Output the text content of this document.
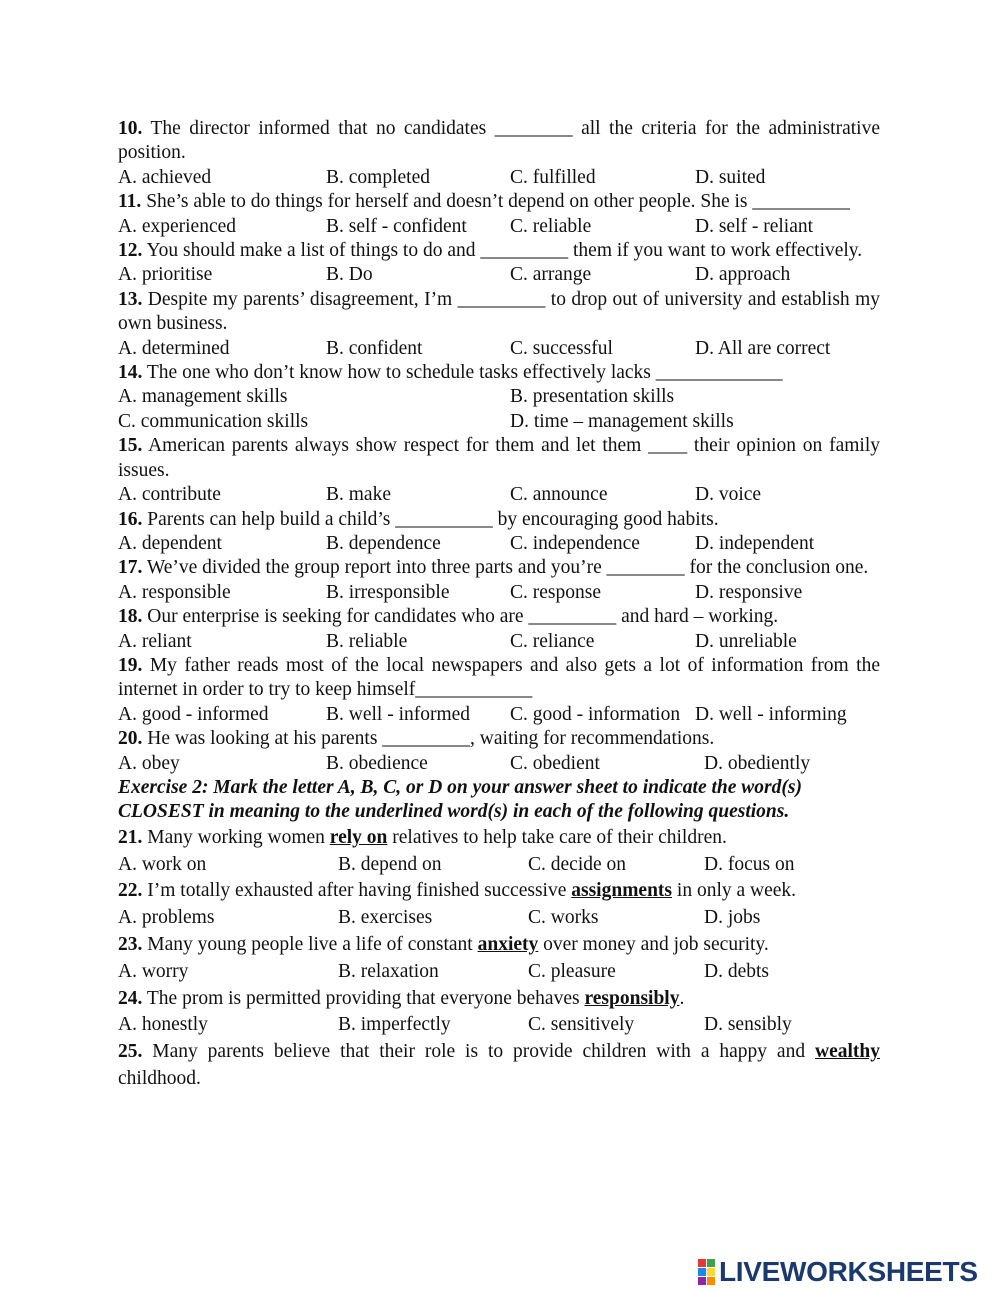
10. The director informed that no candidates ________ all the criteria for the administrative position.
A. achieved	B. completed	C. fulfilled	D. suited
11. She’s able to do things for herself and doesn’t depend on other people. She is __________
A. experienced	B. self - confident	C. reliable	D. self - reliant
12. You should make a list of things to do and _________ them if you want to work effectively.
A. prioritise	B. Do	C. arrange	D. approach
13. Despite my parents’ disagreement, I’m _________ to drop out of university and establish my own business.
A. determined	B. confident	C. successful	D. All are correct
14. The one who don’t know how to schedule tasks effectively lacks _____________
A. management skills	B. presentation skills
C. communication skills	D. time – management skills
15. American parents always show respect for them and let them ____ their opinion on family issues.
A. contribute	B. make	C. announce	D. voice
16. Parents can help build a child’s __________ by encouraging good habits.
A. dependent	B. dependence	C. independence	D. independent
17. We’ve divided the group report into three parts and you’re ________ for the conclusion one.
A. responsible	B. irresponsible	C. response	D. responsive
18. Our enterprise is seeking for candidates who are _________ and hard – working.
A. reliant	B. reliable	C. reliance	D. unreliable
19. My father reads most of the local newspapers and also gets a lot of information from the internet in order to try to keep himself____________
A. good - informed	B. well - informed	C. good - information D. well - informing
20. He was looking at his parents _________, waiting for recommendations.
A. obey	B. obedience	C. obedient	D. obediently
Exercise 2: Mark the letter A, B, C, or D on your answer sheet to indicate the word(s)
CLOSEST in meaning to the underlined word(s) in each of the following questions.
21. Many working women rely on relatives to help take care of their children.
A. work on	B. depend on	C. decide on	D. focus on
22. I’m totally exhausted after having finished successive assignments in only a week.
A. problems	B. exercises	C. works	D. jobs
23. Many young people live a life of constant anxiety over money and job security.
A. worry	B. relaxation	C. pleasure	D. debts
24. The prom is permitted providing that everyone behaves responsibly.
A. honestly	B. imperfectly	C. sensitively	D. sensibly
25. Many parents believe that their role is to provide children with a happy and wealthy childhood.
LIVEWORKSHEETS
